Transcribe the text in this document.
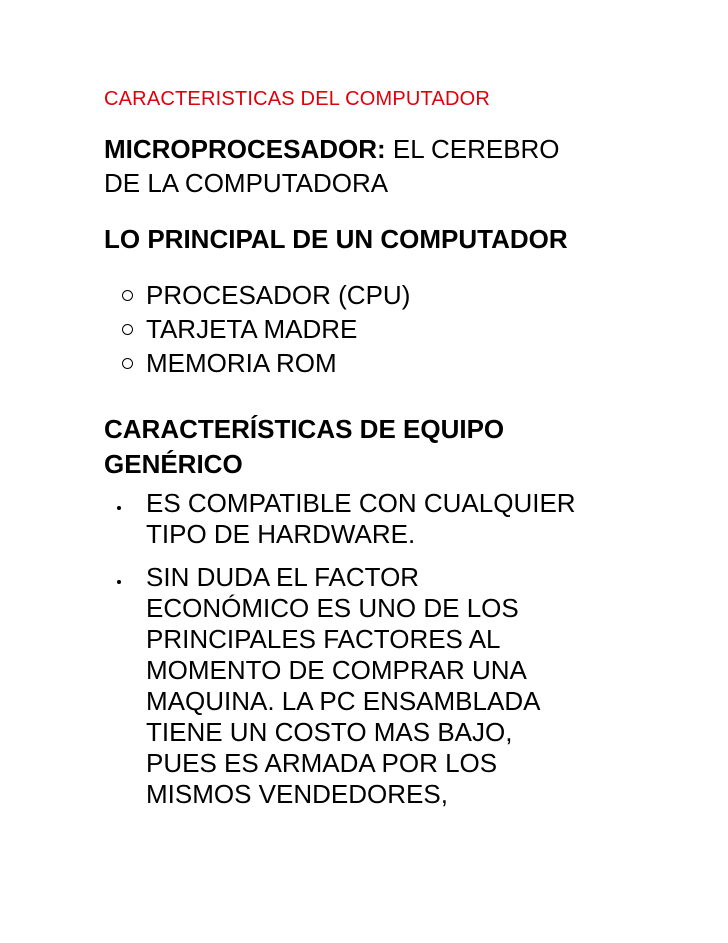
CARACTERISTICAS DEL COMPUTADOR
MICROPROCESADOR: EL CEREBRO
DE LA COMPUTADORA
LO PRINCIPAL DE UN COMPUTADOR
PROCESADOR (CPU)
TARJETA MADRE
MEMORIA ROM
CARACTERÍSTICAS DE EQUIPO
GENÉRICO
ES COMPATIBLE CON CUALQUIER
TIPO DE HARDWARE.
SIN DUDA EL FACTOR
ECONÓMICO ES UNO DE LOS
PRINCIPALES FACTORES AL
MOMENTO DE COMPRAR UNA
MAQUINA. LA PC ENSAMBLADA
TIENE UN COSTO MAS BAJO,
PUES ES ARMADA POR LOS
MISMOS VENDEDORES,
